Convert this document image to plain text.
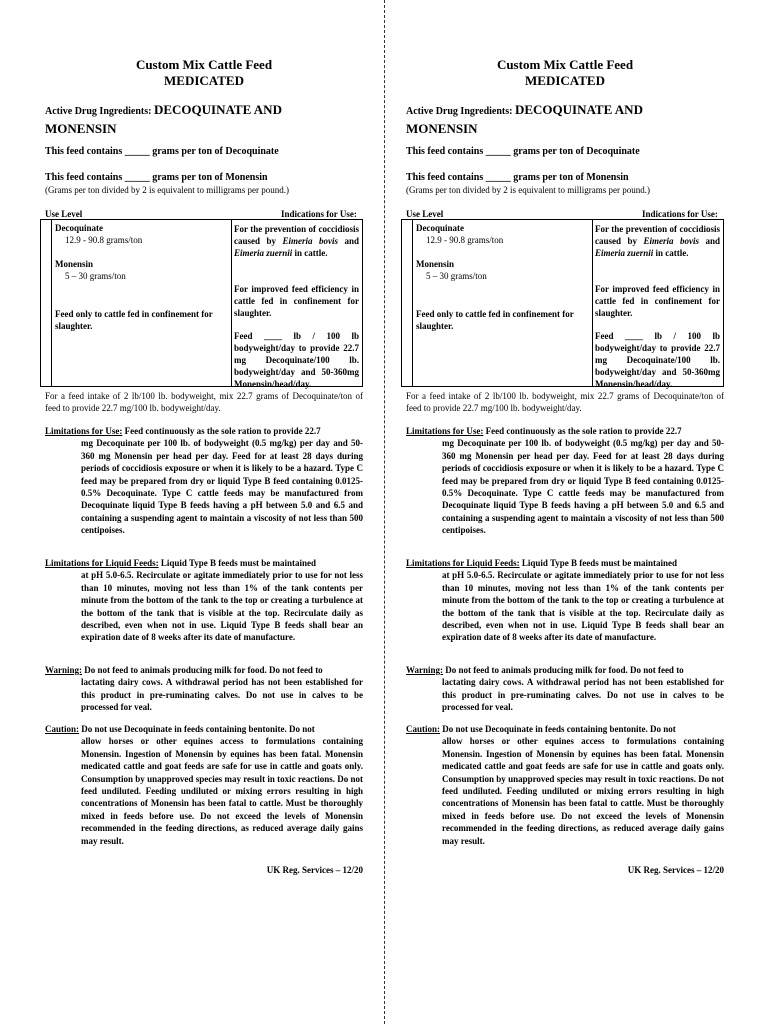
Custom Mix Cattle Feed
MEDICATED
Active Drug Ingredients: DECOQUINATE AND
MONENSIN
This feed contains _____ grams per ton of Decoquinate
This feed contains _____ grams per ton of Monensin
(Grams per ton divided by 2 is equivalent to milligrams per pound.)
Use Level	Indications for Use:
Decoquinate
12.9 - 90.8 grams/ton
Monensin
5 – 30 grams/ton
Feed only to cattle fed in confinement for slaughter.
For the prevention of coccidiosis caused by Eimeria bovis and Eimeria zuernii in cattle.
For improved feed efficiency in cattle fed in confinement for slaughter.
Feed ____ lb / 100 lb bodyweight/day to provide 22.7 mg Decoquinate/100 lb. bodyweight/day and 50-360mg Monensin/head/day.
For a feed intake of 2 lb/100 lb. bodyweight, mix 22.7 grams of Decoquinate/ton of feed to provide 22.7 mg/100 lb. bodyweight/day.
Limitations for Use: Feed continuously as the sole ration to provide 22.7
mg Decoquinate per 100 lb. of bodyweight (0.5 mg/kg) per day and 50-360 mg Monensin per head per day. Feed for at least 28 days during periods of coccidiosis exposure or when it is likely to be a hazard. Type C feed may be prepared from dry or liquid Type B feed containing 0.0125-0.5% Decoquinate. Type C cattle feeds may be manufactured from Decoquinate liquid Type B feeds having a pH between 5.0 and 6.5 and containing a suspending agent to maintain a viscosity of not less than 500 centipoises.
Limitations for Liquid Feeds: Liquid Type B feeds must be maintained
at pH 5.0-6.5. Recirculate or agitate immediately prior to use for not less than 10 minutes, moving not less than 1% of the tank contents per minute from the bottom of the tank to the top or creating a turbulence at the bottom of the tank that is visible at the top. Recirculate daily as described, even when not in use. Liquid Type B feeds shall bear an expiration date of 8 weeks after its date of manufacture.
Warning: Do not feed to animals producing milk for food. Do not feed to
lactating dairy cows. A withdrawal period has not been established for this product in pre-ruminating calves. Do not use in calves to be processed for veal.
Caution: Do not use Decoquinate in feeds containing bentonite. Do not
allow horses or other equines access to formulations containing Monensin. Ingestion of Monensin by equines has been fatal. Monensin medicated cattle and goat feeds are safe for use in cattle and goats only. Consumption by unapproved species may result in toxic reactions. Do not feed undiluted. Feeding undiluted or mixing errors resulting in high concentrations of Monensin has been fatal to cattle. Must be thoroughly mixed in feeds before use. Do not exceed the levels of Monensin recommended in the feeding directions, as reduced average daily gains may result.
UK Reg. Services – 12/20
Custom Mix Cattle Feed
MEDICATED
Active Drug Ingredients: DECOQUINATE AND
MONENSIN
This feed contains _____ grams per ton of Decoquinate
This feed contains _____ grams per ton of Monensin
(Grams per ton divided by 2 is equivalent to milligrams per pound.)
Use Level	Indications for Use:
Decoquinate
12.9 - 90.8 grams/ton
Monensin
5 – 30 grams/ton
Feed only to cattle fed in confinement for slaughter.
For the prevention of coccidiosis caused by Eimeria bovis and Eimeria zuernii in cattle.
For improved feed efficiency in cattle fed in confinement for slaughter.
Feed ____ lb / 100 lb bodyweight/day to provide 22.7 mg Decoquinate/100 lb. bodyweight/day and 50-360mg Monensin/head/day.
For a feed intake of 2 lb/100 lb. bodyweight, mix 22.7 grams of Decoquinate/ton of feed to provide 22.7 mg/100 lb. bodyweight/day.
Limitations for Use: Feed continuously as the sole ration to provide 22.7
mg Decoquinate per 100 lb. of bodyweight (0.5 mg/kg) per day and 50-360 mg Monensin per head per day. Feed for at least 28 days during periods of coccidiosis exposure or when it is likely to be a hazard. Type C feed may be prepared from dry or liquid Type B feed containing 0.0125-0.5% Decoquinate. Type C cattle feeds may be manufactured from Decoquinate liquid Type B feeds having a pH between 5.0 and 6.5 and containing a suspending agent to maintain a viscosity of not less than 500 centipoises.
Limitations for Liquid Feeds: Liquid Type B feeds must be maintained
at pH 5.0-6.5. Recirculate or agitate immediately prior to use for not less than 10 minutes, moving not less than 1% of the tank contents per minute from the bottom of the tank to the top or creating a turbulence at the bottom of the tank that is visible at the top. Recirculate daily as described, even when not in use. Liquid Type B feeds shall bear an expiration date of 8 weeks after its date of manufacture.
Warning: Do not feed to animals producing milk for food. Do not feed to
lactating dairy cows. A withdrawal period has not been established for this product in pre-ruminating calves. Do not use in calves to be processed for veal.
Caution: Do not use Decoquinate in feeds containing bentonite. Do not
allow horses or other equines access to formulations containing Monensin. Ingestion of Monensin by equines has been fatal. Monensin medicated cattle and goat feeds are safe for use in cattle and goats only. Consumption by unapproved species may result in toxic reactions. Do not feed undiluted. Feeding undiluted or mixing errors resulting in high concentrations of Monensin has been fatal to cattle. Must be thoroughly mixed in feeds before use. Do not exceed the levels of Monensin recommended in the feeding directions, as reduced average daily gains may result.
UK Reg. Services – 12/20
